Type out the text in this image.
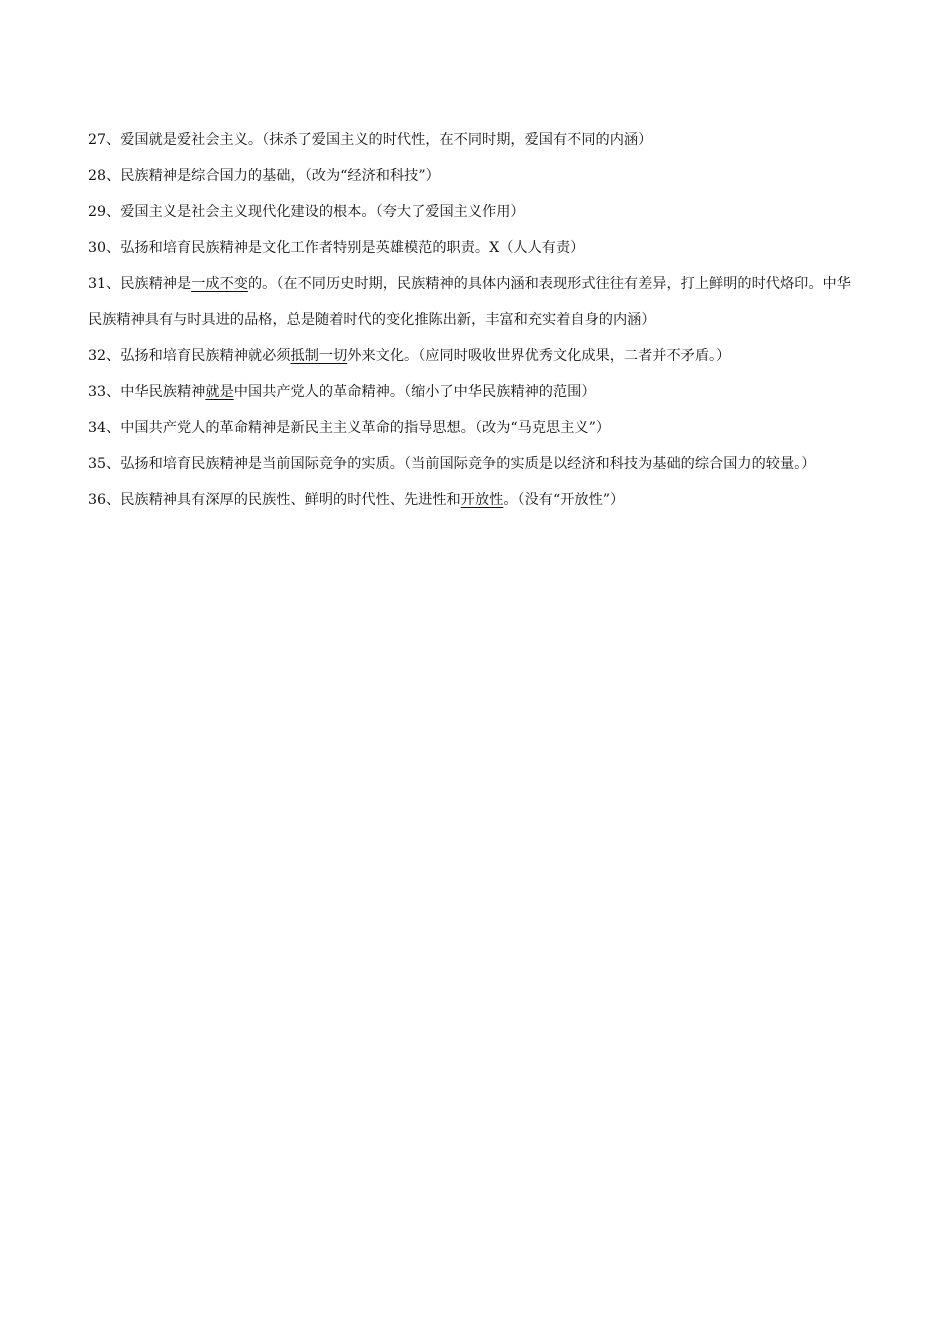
27、爱国就是爱社会主义。（抹杀了爱国主义的时代性，在不同时期，爱国有不同的内涵）

28、民族精神是综合国力的基础，（改为“经济和科技”）

29、爱国主义是社会主义现代化建设的根本。（夸大了爱国主义作用）

30、弘扬和培育民族精神是文化工作者特别是英雄模范的职责。X（人人有责）

31、民族精神是一成不变的。（在不同历史时期，民族精神的具体内涵和表现形式往往有差异，打上鲜明的时代烙印。中华民族精神具有与时具进的品格，总是随着时代的变化推陈出新，丰富和充实着自身的内涵）

32、弘扬和培育民族精神就必须抵制一切外来文化。（应同时吸收世界优秀文化成果，二者并不矛盾。）

33、中华民族精神就是中国共产党人的革命精神。（缩小了中华民族精神的范围）

34、中国共产党人的革命精神是新民主主义革命的指导思想。（改为“马克思主义”）

35、弘扬和培育民族精神是当前国际竞争的实质。（当前国际竞争的实质是以经济和科技为基础的综合国力的较量。）

36、民族精神具有深厚的民族性、鲜明的时代性、先进性和开放性。（没有“开放性”）
